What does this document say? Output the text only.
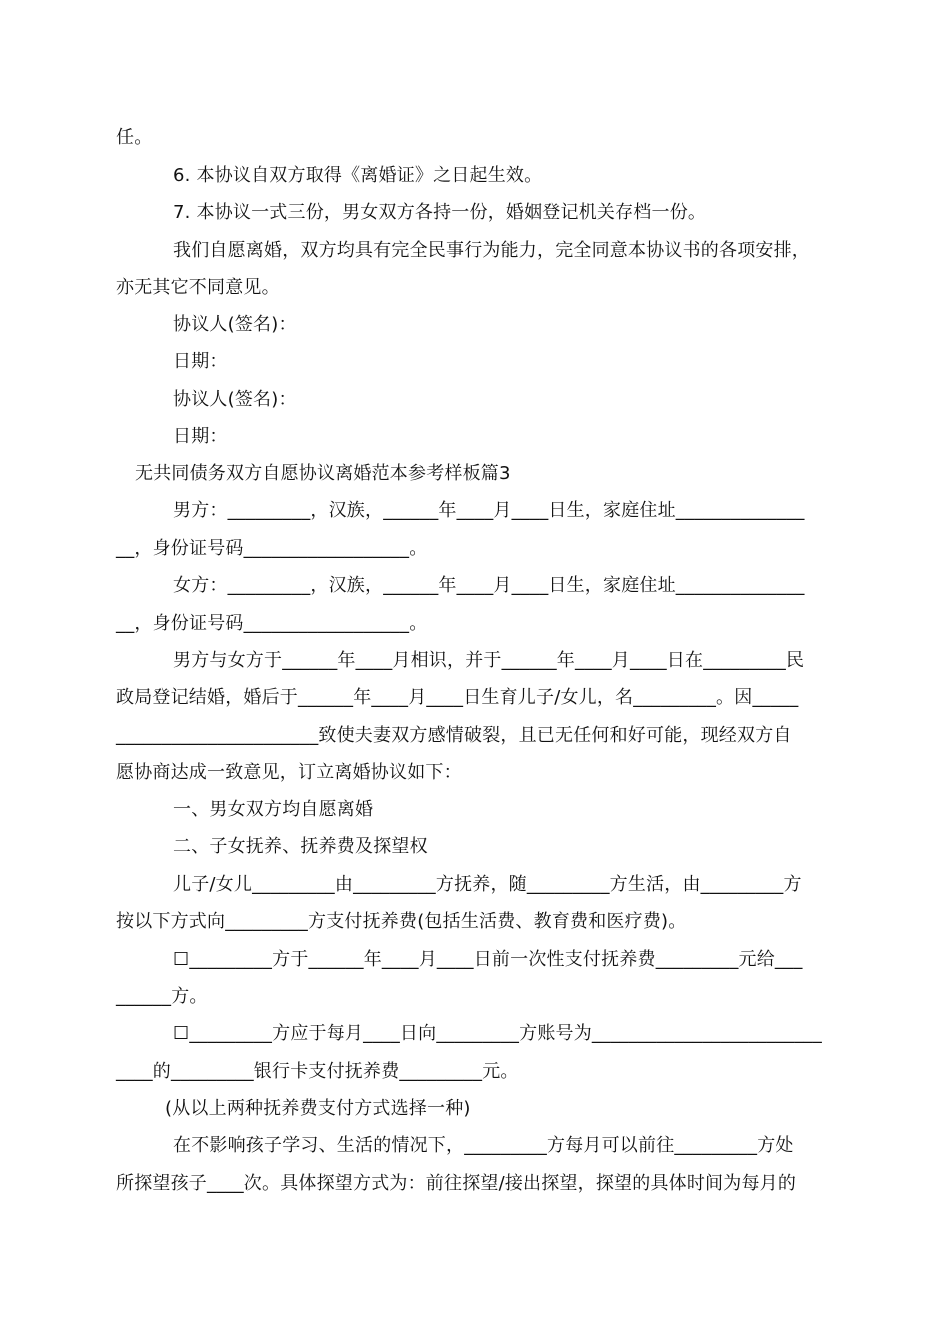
任。
6. 本协议自双方取得《离婚证》之日起生效。
7. 本协议一式三份，男女双方各持一份，婚姻登记机关存档一份。
我们自愿离婚，双方均具有完全民事行为能力，完全同意本协议书的各项安排，
亦无其它不同意见。
协议人(签名)：
日期：
协议人(签名)：
日期：
无共同债务双方自愿协议离婚范本参考样板篇3
男方：_________，汉族，______年____月____日生，家庭住址______________
__，身份证号码__________________。
女方：_________，汉族，______年____月____日生，家庭住址______________
__，身份证号码__________________。
男方与女方于______年____月相识，并于______年____月____日在_________民
政局登记结婚，婚后于______年____月____日生育儿子/女儿，名_________。因_____
______________________致使夫妻双方感情破裂，且已无任何和好可能，现经双方自
愿协商达成一致意见，订立离婚协议如下：
一、男女双方均自愿离婚
二、子女抚养、抚养费及探望权
儿子/女儿_________由_________方抚养，随_________方生活，由_________方
按以下方式向_________方支付抚养费(包括生活费、教育费和医疗费)。
☐_________方于______年____月____日前一次性支付抚养费_________元给___
______方。
☐_________方应于每月____日向_________方账号为_________________________
____的_________银行卡支付抚养费_________元。
(从以上两种抚养费支付方式选择一种)
在不影响孩子学习、生活的情况下，_________方每月可以前往_________方处
所探望孩子____次。具体探望方式为：前往探望/接出探望，探望的具体时间为每月的
